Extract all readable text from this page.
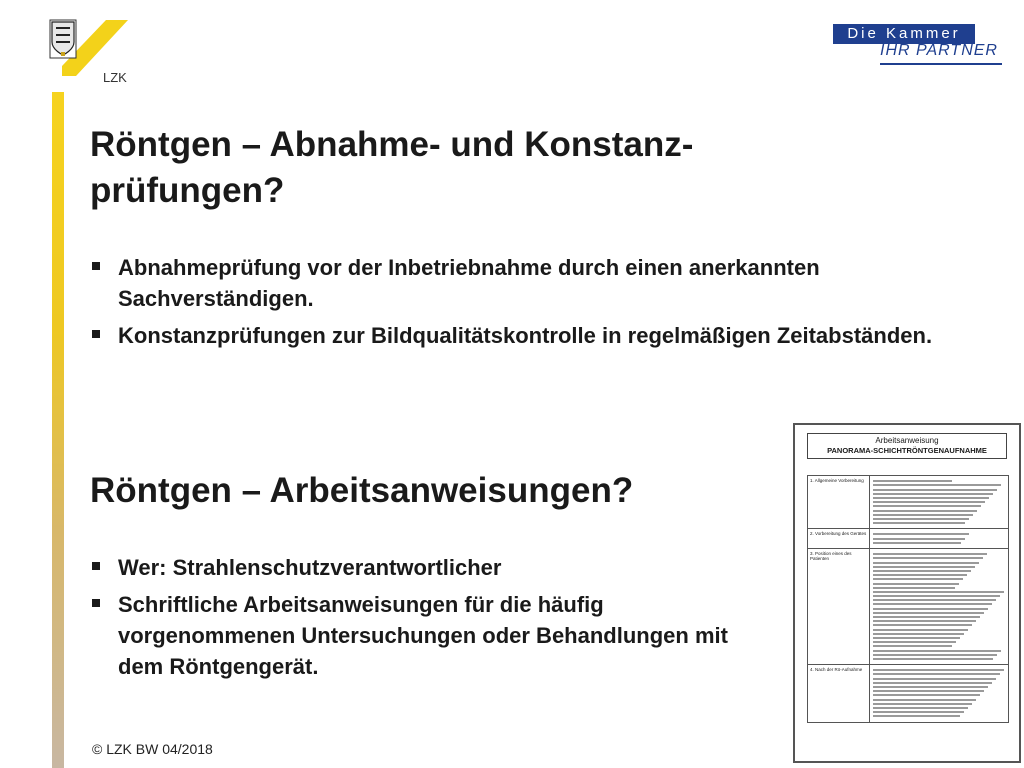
LZK
Die Kammer
IHR PARTNER
Röntgen – Abnahme- und Konstanz-
prüfungen?
Abnahmeprüfung vor der Inbetriebnahme durch einen anerkannten Sachverständigen.
Konstanzprüfungen zur Bildqualitätskontrolle in regelmäßigen Zeitabständen.
Röntgen – Arbeitsanweisungen?
Wer: Strahlenschutzverantwortlicher
Schriftliche Arbeitsanweisungen für die häufig vorgenommenen Untersuchungen oder Behandlungen mit dem Röntgengerät.
Arbeitsanweisung
PANORAMA-SCHICHTRÖNTGENAUFNAHME
1. Allgemeine Vorbereitung
2. Vorbereitung des Gerätes
3. Position eines des Patienten
4. Nach der Rö-Aufnahme
© LZK BW 04/2018
